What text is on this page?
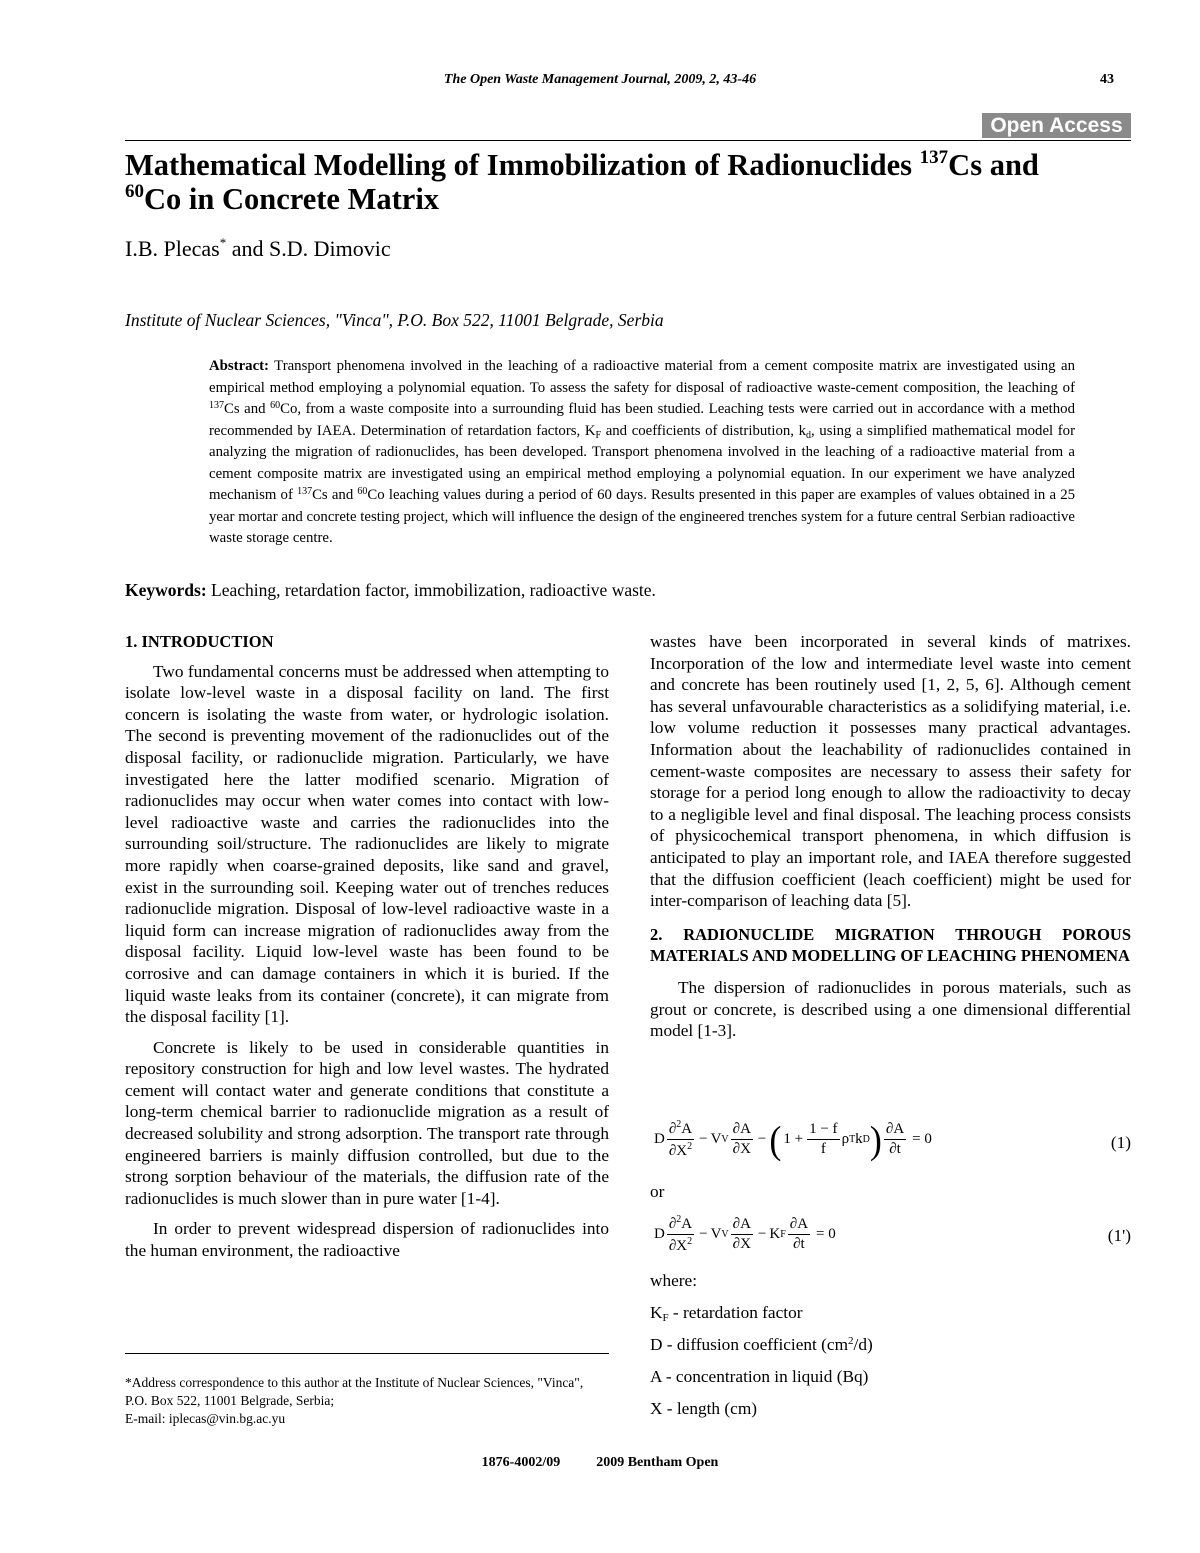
The Open Waste Management Journal, 2009, 2, 43-46	43
Open Access
Mathematical Modelling of Immobilization of Radionuclides $^{137}$Cs and
$^{60}$Co in Concrete Matrix
I.B. Plecas* and S.D. Dimovic
Institute of Nuclear Sciences, "Vinca", P.O. Box 522, 11001 Belgrade, Serbia
Abstract: Transport phenomena involved in the leaching of a radioactive material from a cement composite matrix are investigated using an empirical method employing a polynomial equation. To assess the safety for disposal of radioactive waste-cement composition, the leaching of $^{137}$Cs and $^{60}$Co, from a waste composite into a surrounding fluid has been studied. Leaching tests were carried out in accordance with a method recommended by IAEA. Determination of retardation factors, $K_F$ and coefficients of distribution, $k_d$, using a simplified mathematical model for analyzing the migration of radionuclides, has been developed. Transport phenomena involved in the leaching of a radioactive material from a cement composite matrix are investigated using an empirical method employing a polynomial equation. In our experiment we have analyzed mechanism of $^{137}$Cs and $^{60}$Co leaching values during a period of 60 days. Results presented in this paper are examples of values obtained in a 25 year mortar and concrete testing project, which will influence the design of the engineered trenches system for a future central Serbian radioactive waste storage centre.
Keywords: Leaching, retardation factor, immobilization, radioactive waste.

1. INTRODUCTION

Two fundamental concerns must be addressed when attempting to isolate low-level waste in a disposal facility on land. The first concern is isolating the waste from water, or hydrologic isolation. The second is preventing movement of the radionuclides out of the disposal facility, or radionuclide migration. Particularly, we have investigated here the latter modified scenario. Migration of radionuclides may occur when water comes into contact with low-level radioactive waste and carries the radionuclides into the surrounding soil/structure. The radionuclides are likely to migrate more rapidly when coarse-grained deposits, like sand and gravel, exist in the surrounding soil. Keeping water out of trenches reduces radionuclide migration. Disposal of low-level radioactive waste in a liquid form can increase migration of radionuclides away from the disposal facility. Liquid low-level waste has been found to be corrosive and can damage containers in which it is buried. If the liquid waste leaks from its container (concrete), it can migrate from the disposal facility [1].

Concrete is likely to be used in considerable quantities in repository construction for high and low level wastes. The hydrated cement will contact water and generate conditions that constitute a long-term chemical barrier to radionuclide migration as a result of decreased solubility and strong adsorption. The transport rate through engineered barriers is mainly diffusion controlled, but due to the strong sorption behaviour of the materials, the diffusion rate of the radionuclides is much slower than in pure water [1-4].

In order to prevent widespread dispersion of radionuclides into the human environment, the radioactive

*Address correspondence to this author at the Institute of Nuclear Sciences, "Vinca", P.O. Box 522, 11001 Belgrade, Serbia;

E-mail: iplecas@vin.bg.ac.yu

wastes have been incorporated in several kinds of matrixes. Incorporation of the low and intermediate level waste into cement and concrete has been routinely used [1, 2, 5, 6]. Although cement has several unfavourable characteristics as a solidifying material, i.e. low volume reduction it possesses many practical advantages. Information about the leachability of radionuclides contained in cement-waste composites are necessary to assess their safety for storage for a period long enough to allow the radioactivity to decay to a negligible level and final disposal. The leaching process consists of physicochemical transport phenomena, in which diffusion is anticipated to play an important role, and IAEA therefore suggested that the diffusion coefficient (leach coefficient) might be used for inter-comparison of leaching data [5].

2. RADIONUCLIDE MIGRATION THROUGH POROUS MATERIALS AND MODELLING OF LEACHING PHENOMENA

The dispersion of radionuclides in porous materials, such as grout or concrete, is described using a one dimensional differential model [1-3].

D $\frac{\partial^2A}{\partial X^2} - V$ V $\frac{\partial A}{\partial X}$ − ( $1 + \frac{1 - f}{f}$ ρ T k D ) $\frac{\partial A}{\partial t} = 0$	(1)
or
D $\frac{\partial^2A}{\partial X^2} - V$ V $\frac{\partial A}{\partial X} - K$ F $\frac{\partial A}{\partial t} = 0$	(1')

where:

$K_F$ - retardation factor

D - diffusion coefficient $(cm^2/d)$

A - concentration in liquid (Bq)

X - length (cm)

1876-4002/09	2009 Bentham Open
